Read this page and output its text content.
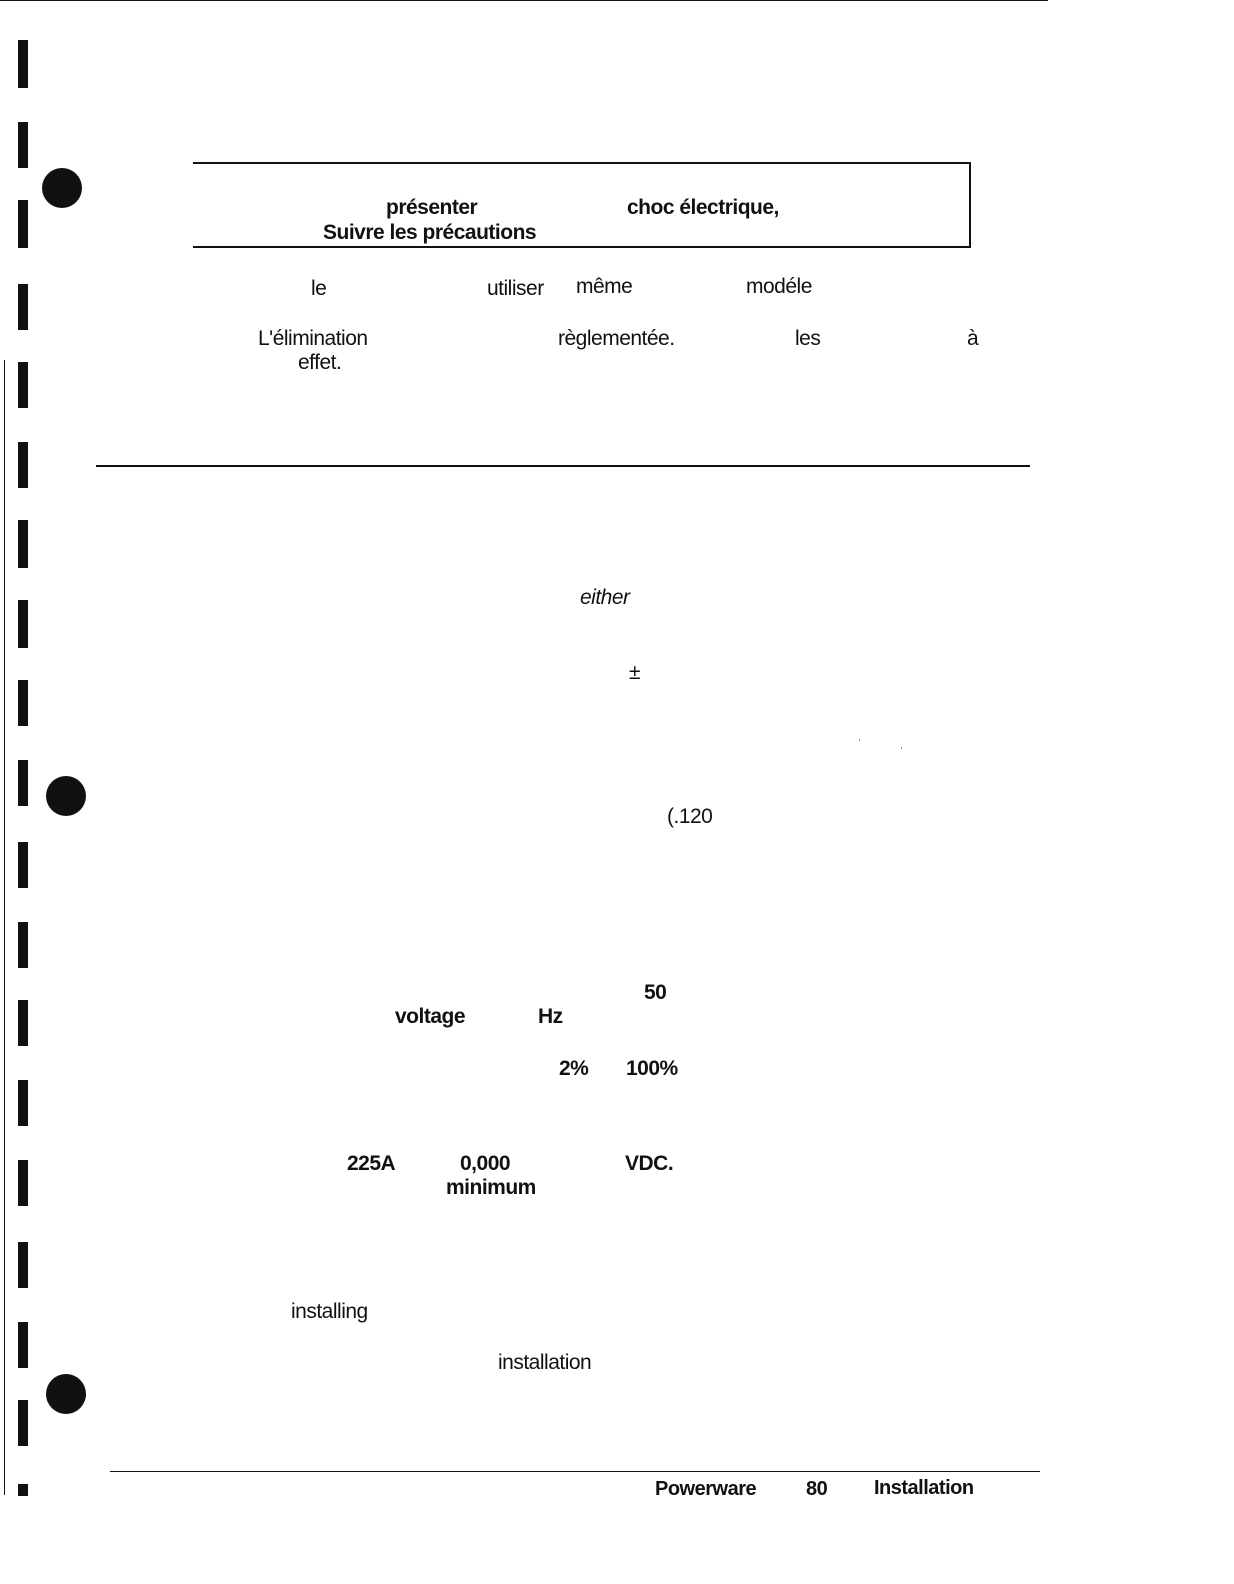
présenter	choc électrique,
Suivre les précautions
le	utiliser même	modéle
L'élimination	règlementée.	les	à
effet.
either
±
ˈ	ˌ
(.120
50
voltage	Hz
2% 100%
225A	0,000	VDC.
minimum
installing
installation
Powerware 80 Installation
